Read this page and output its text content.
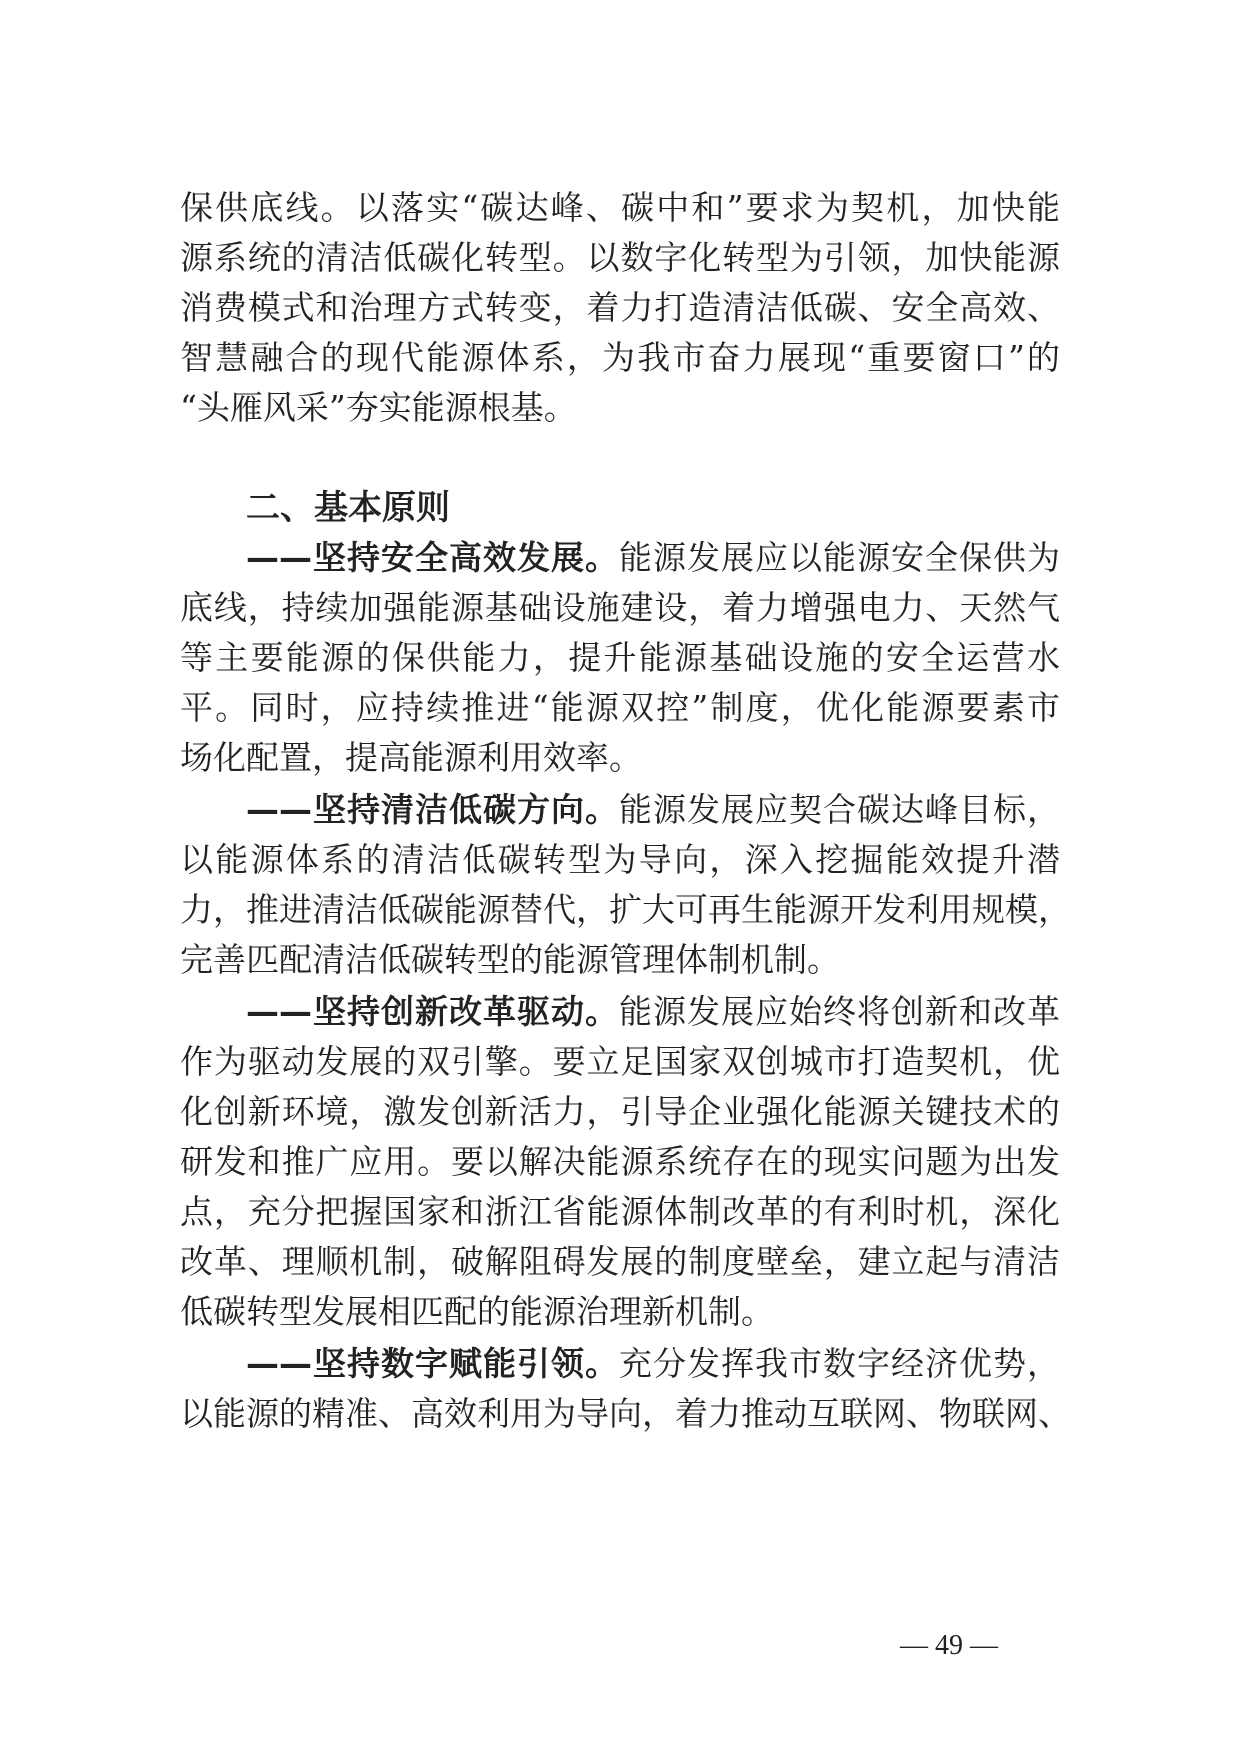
保供底线。以落实“碳达峰、碳中和”要求为契机，加快能
源系统的清洁低碳化转型。以数字化转型为引领，加快能源
消费模式和治理方式转变，着力打造清洁低碳、安全高效、
智慧融合的现代能源体系，为我市奋力展现“重要窗口”的
“头雁风采”夯实能源根基。
二、基本原则
——坚持安全高效发展。能源发展应以能源安全保供为
底线，持续加强能源基础设施建设，着力增强电力、天然气
等主要能源的保供能力，提升能源基础设施的安全运营水
平。同时，应持续推进“能源双控”制度，优化能源要素市
场化配置，提高能源利用效率。
——坚持清洁低碳方向。能源发展应契合碳达峰目标，
以能源体系的清洁低碳转型为导向，深入挖掘能效提升潜
力，推进清洁低碳能源替代，扩大可再生能源开发利用规模，
完善匹配清洁低碳转型的能源管理体制机制。
——坚持创新改革驱动。能源发展应始终将创新和改革
作为驱动发展的双引擎。要立足国家双创城市打造契机，优
化创新环境，激发创新活力，引导企业强化能源关键技术的
研发和推广应用。要以解决能源系统存在的现实问题为出发
点，充分把握国家和浙江省能源体制改革的有利时机，深化
改革、理顺机制，破解阻碍发展的制度壁垒，建立起与清洁
低碳转型发展相匹配的能源治理新机制。
——坚持数字赋能引领。充分发挥我市数字经济优势，
以能源的精准、高效利用为导向，着力推动互联网、物联网、
— 49 —
